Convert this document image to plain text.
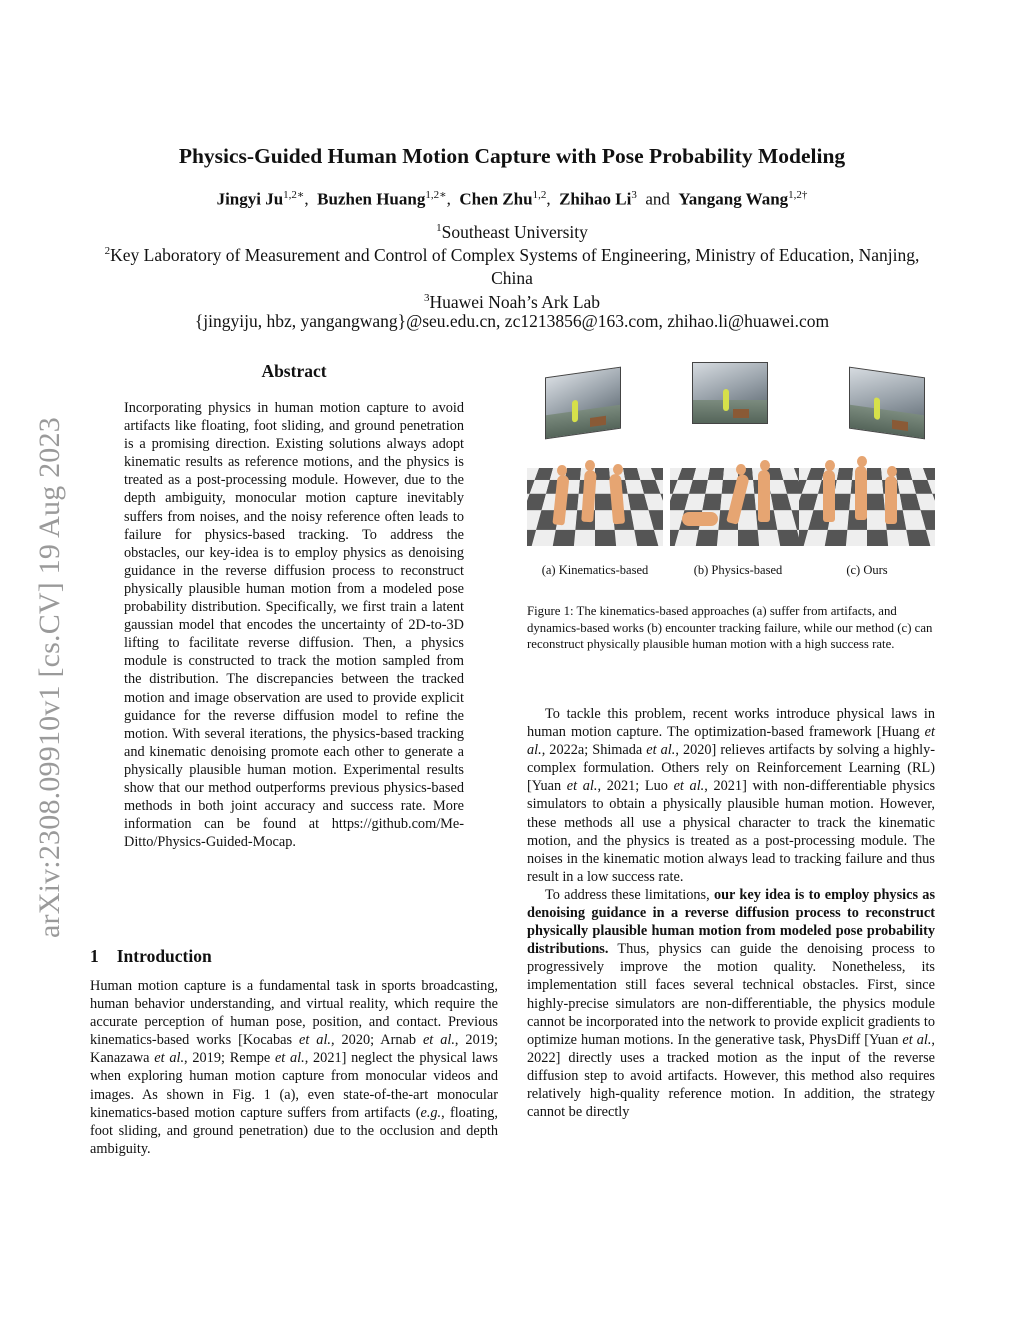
arXiv:2308.09910v1 [cs.CV] 19 Aug 2023
Physics-Guided Human Motion Capture with Pose Probability Modeling
Jingyi $Ju^{1,2∗}$, Buzhen Huang$^{1,2∗}$, Chen Zhu$^{1,2}$, Zhihao Li$^3$ and Yangang Wang$^{1,2\dagger}$
$^1$Southeast University
$^2$Key Laboratory of Measurement and Control of Complex Systems of Engineering, Ministry of Education, Nanjing, China
$^3$Huawei Noah’s Ark Lab
{jingyiju, hbz, yangangwang}@seu.edu.cn, zc1213856@163.com, zhihao.li@huawei.com
Abstract
Incorporating physics in human motion capture to avoid artifacts like floating, foot sliding, and ground penetration is a promising direction. Existing solutions always adopt kinematic results as reference motions, and the physics is treated as a post-processing module. However, due to the depth ambiguity, monocular motion capture inevitably suffers from noises, and the noisy reference often leads to failure for physics-based tracking. To address the obstacles, our key-idea is to employ physics as denoising guidance in the reverse diffusion process to reconstruct physically plausible human motion from a modeled pose probability distribution. Specifically, we first train a latent gaussian model that encodes the uncertainty of 2D-to-3D lifting to facilitate reverse diffusion. Then, a physics module is constructed to track the motion sampled from the distribution. The discrepancies between the tracked motion and image observation are used to provide explicit guidance for the reverse diffusion model to refine the motion. With several iterations, the physics-based tracking and kinematic denoising promote each other to generate a physically plausible human motion. Experimental results show that our method outperforms previous physics-based methods in both joint accuracy and success rate. More information can be found at https://github.com/Me-Ditto/Physics-Guided-Mocap.
1 Introduction
Human motion capture is a fundamental task in sports broadcasting, human behavior understanding, and virtual reality, which require the accurate perception of human pose, position, and contact. Previous kinematics-based works [Kocabas et al., 2020; Arnab et al., 2019; Kanazawa et al., 2019; Rempe et al., 2021] neglect the physical laws when exploring human motion capture from monocular videos and images. As shown in Fig. 1 (a), even state-of-the-art monocular kinematics-based motion capture suffers from artifacts (e.g., floating, foot sliding, and ground penetration) due to the occlusion and depth ambiguity.
(a) Kinematics-based	(b) Physics-based	(c) Ours
Figure 1: The kinematics-based approaches (a) suffer from artifacts, and dynamics-based works (b) encounter tracking failure, while our method (c) can reconstruct physically plausible human motion with a high success rate.

To tackle this problem, recent works introduce physical laws in human motion capture. The optimization-based framework [Huang et al., 2022a; Shimada et al., 2020] relieves artifacts by solving a highly-complex formulation. Others rely on Reinforcement Learning (RL) [Yuan et al., 2021; Luo et al., 2021] with non-differentiable physics simulators to obtain a physically plausible human motion. However, these methods all use a physical character to track the kinematic motion, and the physics is treated as a post-processing module. The noises in the kinematic motion always lead to tracking failure and thus result in a low success rate.

To address these limitations, our key idea is to employ physics as denoising guidance in a reverse diffusion process to reconstruct physically plausible human motion from modeled pose probability distributions. Thus, physics can guide the denoising process to progressively improve the motion quality. Nonetheless, its implementation still faces several technical obstacles. First, since highly-precise simulators are non-differentiable, the physics module cannot be incorporated into the network to provide explicit gradients to optimize human motions. In the generative task, PhysDiff [Yuan et al., 2022] directly uses a tracked motion as the input of the reverse diffusion step to avoid artifacts. However, this method also requires relatively high-quality reference motion. In addition, the strategy cannot be directly
